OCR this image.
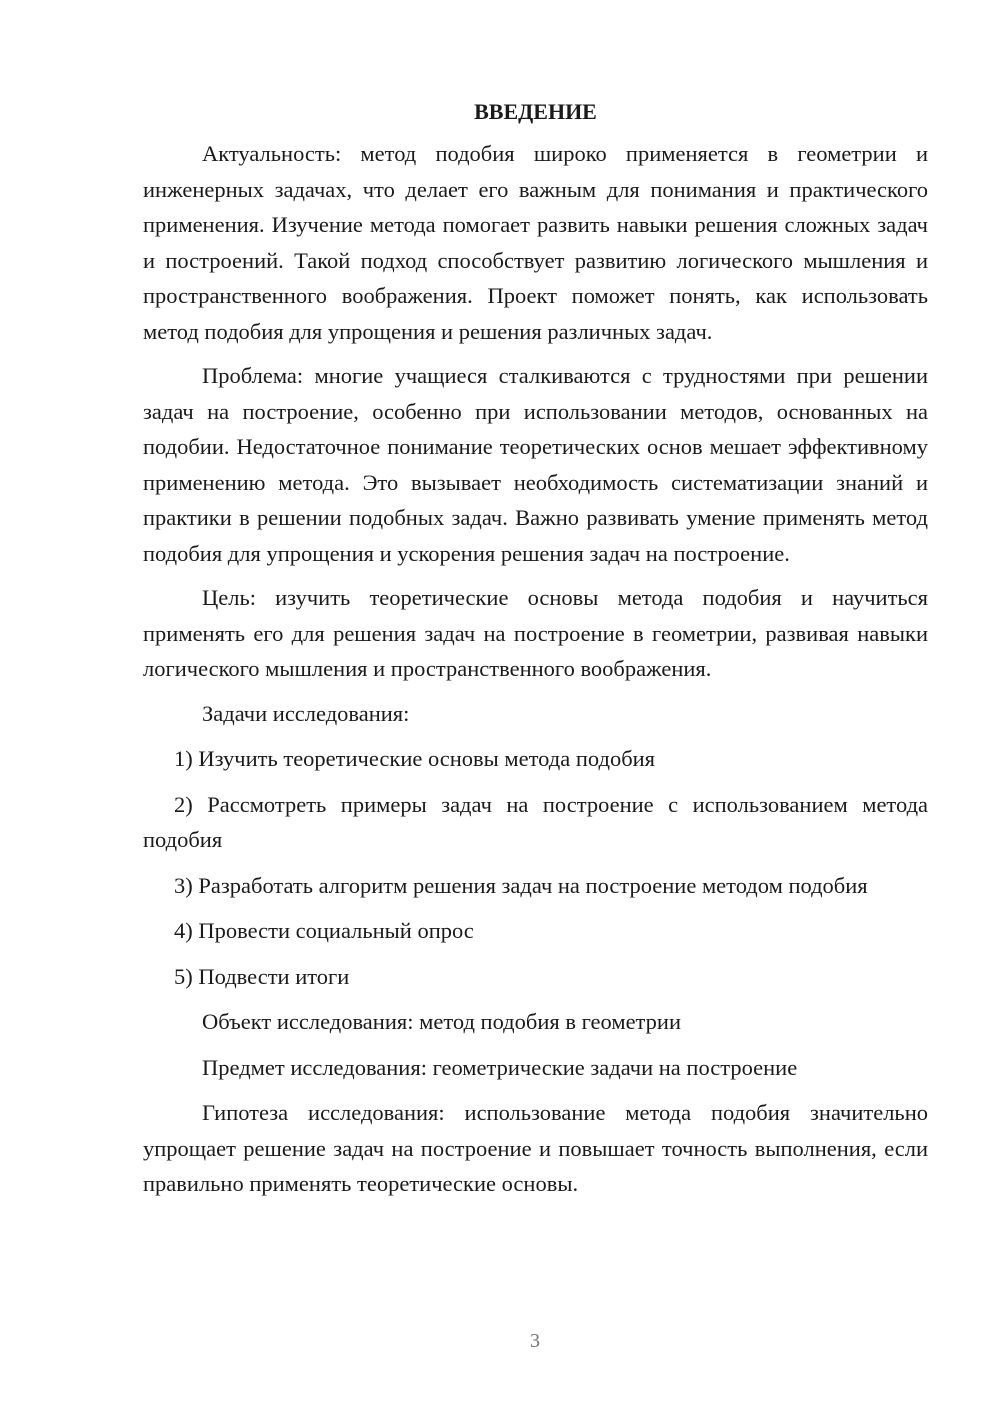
ВВЕДЕНИЕ

Актуальность: метод подобия широко применяется в геометрии и инженерных задачах, что делает его важным для понимания и практического применения. Изучение метода помогает развить навыки решения сложных задач и построений. Такой подход способствует развитию логического мышления и пространственного воображения. Проект поможет понять, как использовать метод подобия для упрощения и решения различных задач.

Проблема: многие учащиеся сталкиваются с трудностями при решении задач на построение, особенно при использовании методов, основанных на подобии. Недостаточное понимание теоретических основ мешает эффективному применению метода. Это вызывает необходимость систематизации знаний и практики в решении подобных задач. Важно развивать умение применять метод подобия для упрощения и ускорения решения задач на построение.

Цель: изучить теоретические основы метода подобия и научиться применять его для решения задач на построение в геометрии, развивая навыки логического мышления и пространственного воображения.

Задачи исследования:

1) Изучить теоретические основы метода подобия

2) Рассмотреть примеры задач на построение с использованием метода подобия

3) Разработать алгоритм решения задач на построение методом подобия

4) Провести социальный опрос

5) Подвести итоги

Объект исследования: метод подобия в геометрии

Предмет исследования: геометрические задачи на построение

Гипотеза исследования: использование метода подобия значительно упрощает решение задач на построение и повышает точность выполнения, если правильно применять теоретические основы.

3
